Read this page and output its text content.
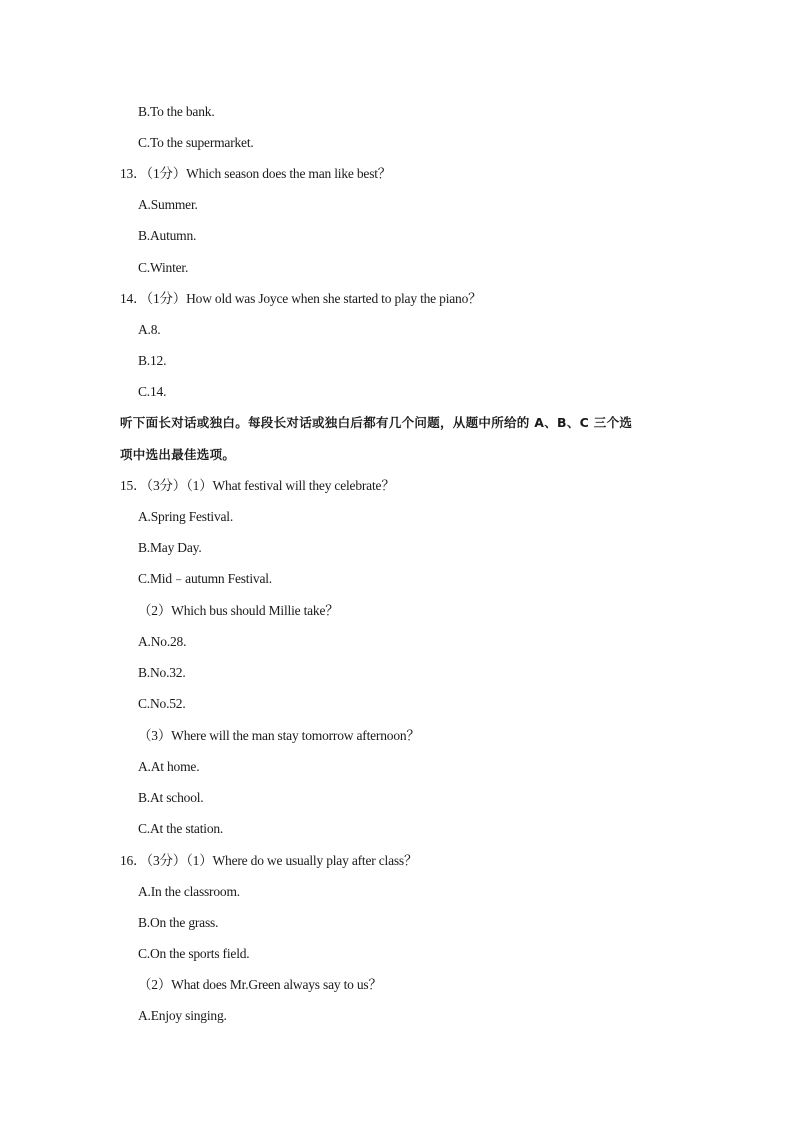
B.To the bank.
C.To the supermarket.
13．（1分）Which season does the man like best？
A.Summer.
B.Autumn.
C.Winter.
14．（1分）How old was Joyce when she started to play the piano？
A.8.
B.12.
C.14.
听下面长对话或独白。每段长对话或独白后都有几个问题，从题中所给的 A、B、C 三个选
项中选出最佳选项。
15．（3分）（1）What festival will they celebrate？
A.Spring Festival.
B.May Day.
C.Mid﹣autumn Festival.
（2）Which bus should Millie take？
A.No.28.
B.No.32.
C.No.52.
（3）Where will the man stay tomorrow afternoon？
A.At home.
B.At school.
C.At the station.
16．（3分）（1）Where do we usually play after class？
A.In the classroom.
B.On the grass.
C.On the sports field.
（2）What does Mr.Green always say to us？
A.Enjoy singing.
